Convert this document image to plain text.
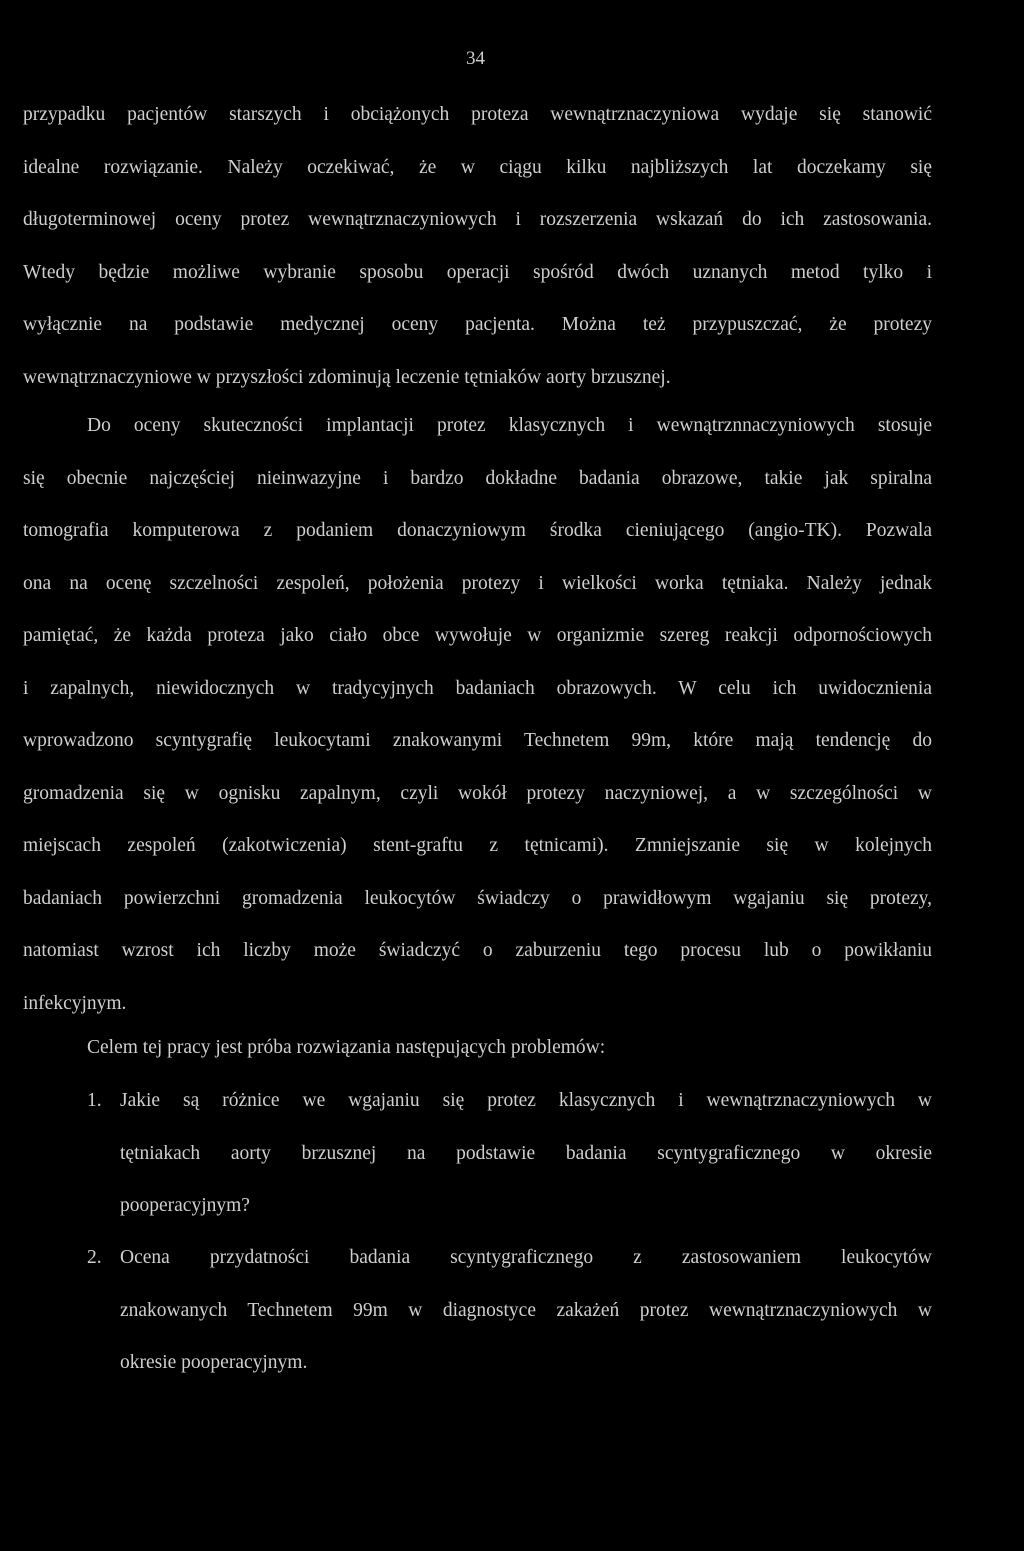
34
przypadku pacjentów starszych i obciążonych proteza wewnątrznaczyniowa wydaje się stanowić
idealne rozwiązanie. Należy oczekiwać, że w ciągu kilku najbliższych lat doczekamy się
długoterminowej oceny protez wewnątrznaczyniowych i rozszerzenia wskazań do ich zastosowania.
Wtedy będzie możliwe wybranie sposobu operacji spośród dwóch uznanych metod tylko i
wyłącznie na podstawie medycznej oceny pacjenta. Można też przypuszczać, że protezy
wewnątrznaczyniowe w przyszłości zdominują leczenie tętniaków aorty brzusznej.
Do oceny skuteczności implantacji protez klasycznych i wewnątrznnaczyniowych stosuje
się obecnie najczęściej nieinwazyjne i bardzo dokładne badania obrazowe, takie jak spiralna
tomografia komputerowa z podaniem donaczyniowym środka cieniującego (angio-TK). Pozwala
ona na ocenę szczelności zespoleń, położenia protezy i wielkości worka tętniaka. Należy jednak
pamiętać, że każda proteza jako ciało obce wywołuje w organizmie szereg reakcji odpornościowych
i zapalnych, niewidocznych w tradycyjnych badaniach obrazowych. W celu ich uwidocznienia
wprowadzono scyntygrafię leukocytami znakowanymi Technetem 99m, które mają tendencję do
gromadzenia się w ognisku zapalnym, czyli wokół protezy naczyniowej, a w szczególności w
miejscach zespoleń (zakotwiczenia) stent-graftu z tętnicami). Zmniejszanie się w kolejnych
badaniach powierzchni gromadzenia leukocytów świadczy o prawidłowym wgajaniu się protezy,
natomiast wzrost ich liczby może świadczyć o zaburzeniu tego procesu lub o powikłaniu
infekcyjnym.
Celem tej pracy jest próba rozwiązania następujących problemów:
1. Jakie są różnice we wgajaniu się protez klasycznych i wewnątrznaczyniowych w
tętniakach aorty brzusznej na podstawie badania scyntygraficznego w okresie
pooperacyjnym?
2. Ocena przydatności badania scyntygraficznego z zastosowaniem leukocytów
znakowanych Technetem 99m w diagnostyce zakażeń protez wewnątrznaczyniowych w
okresie pooperacyjnym.
